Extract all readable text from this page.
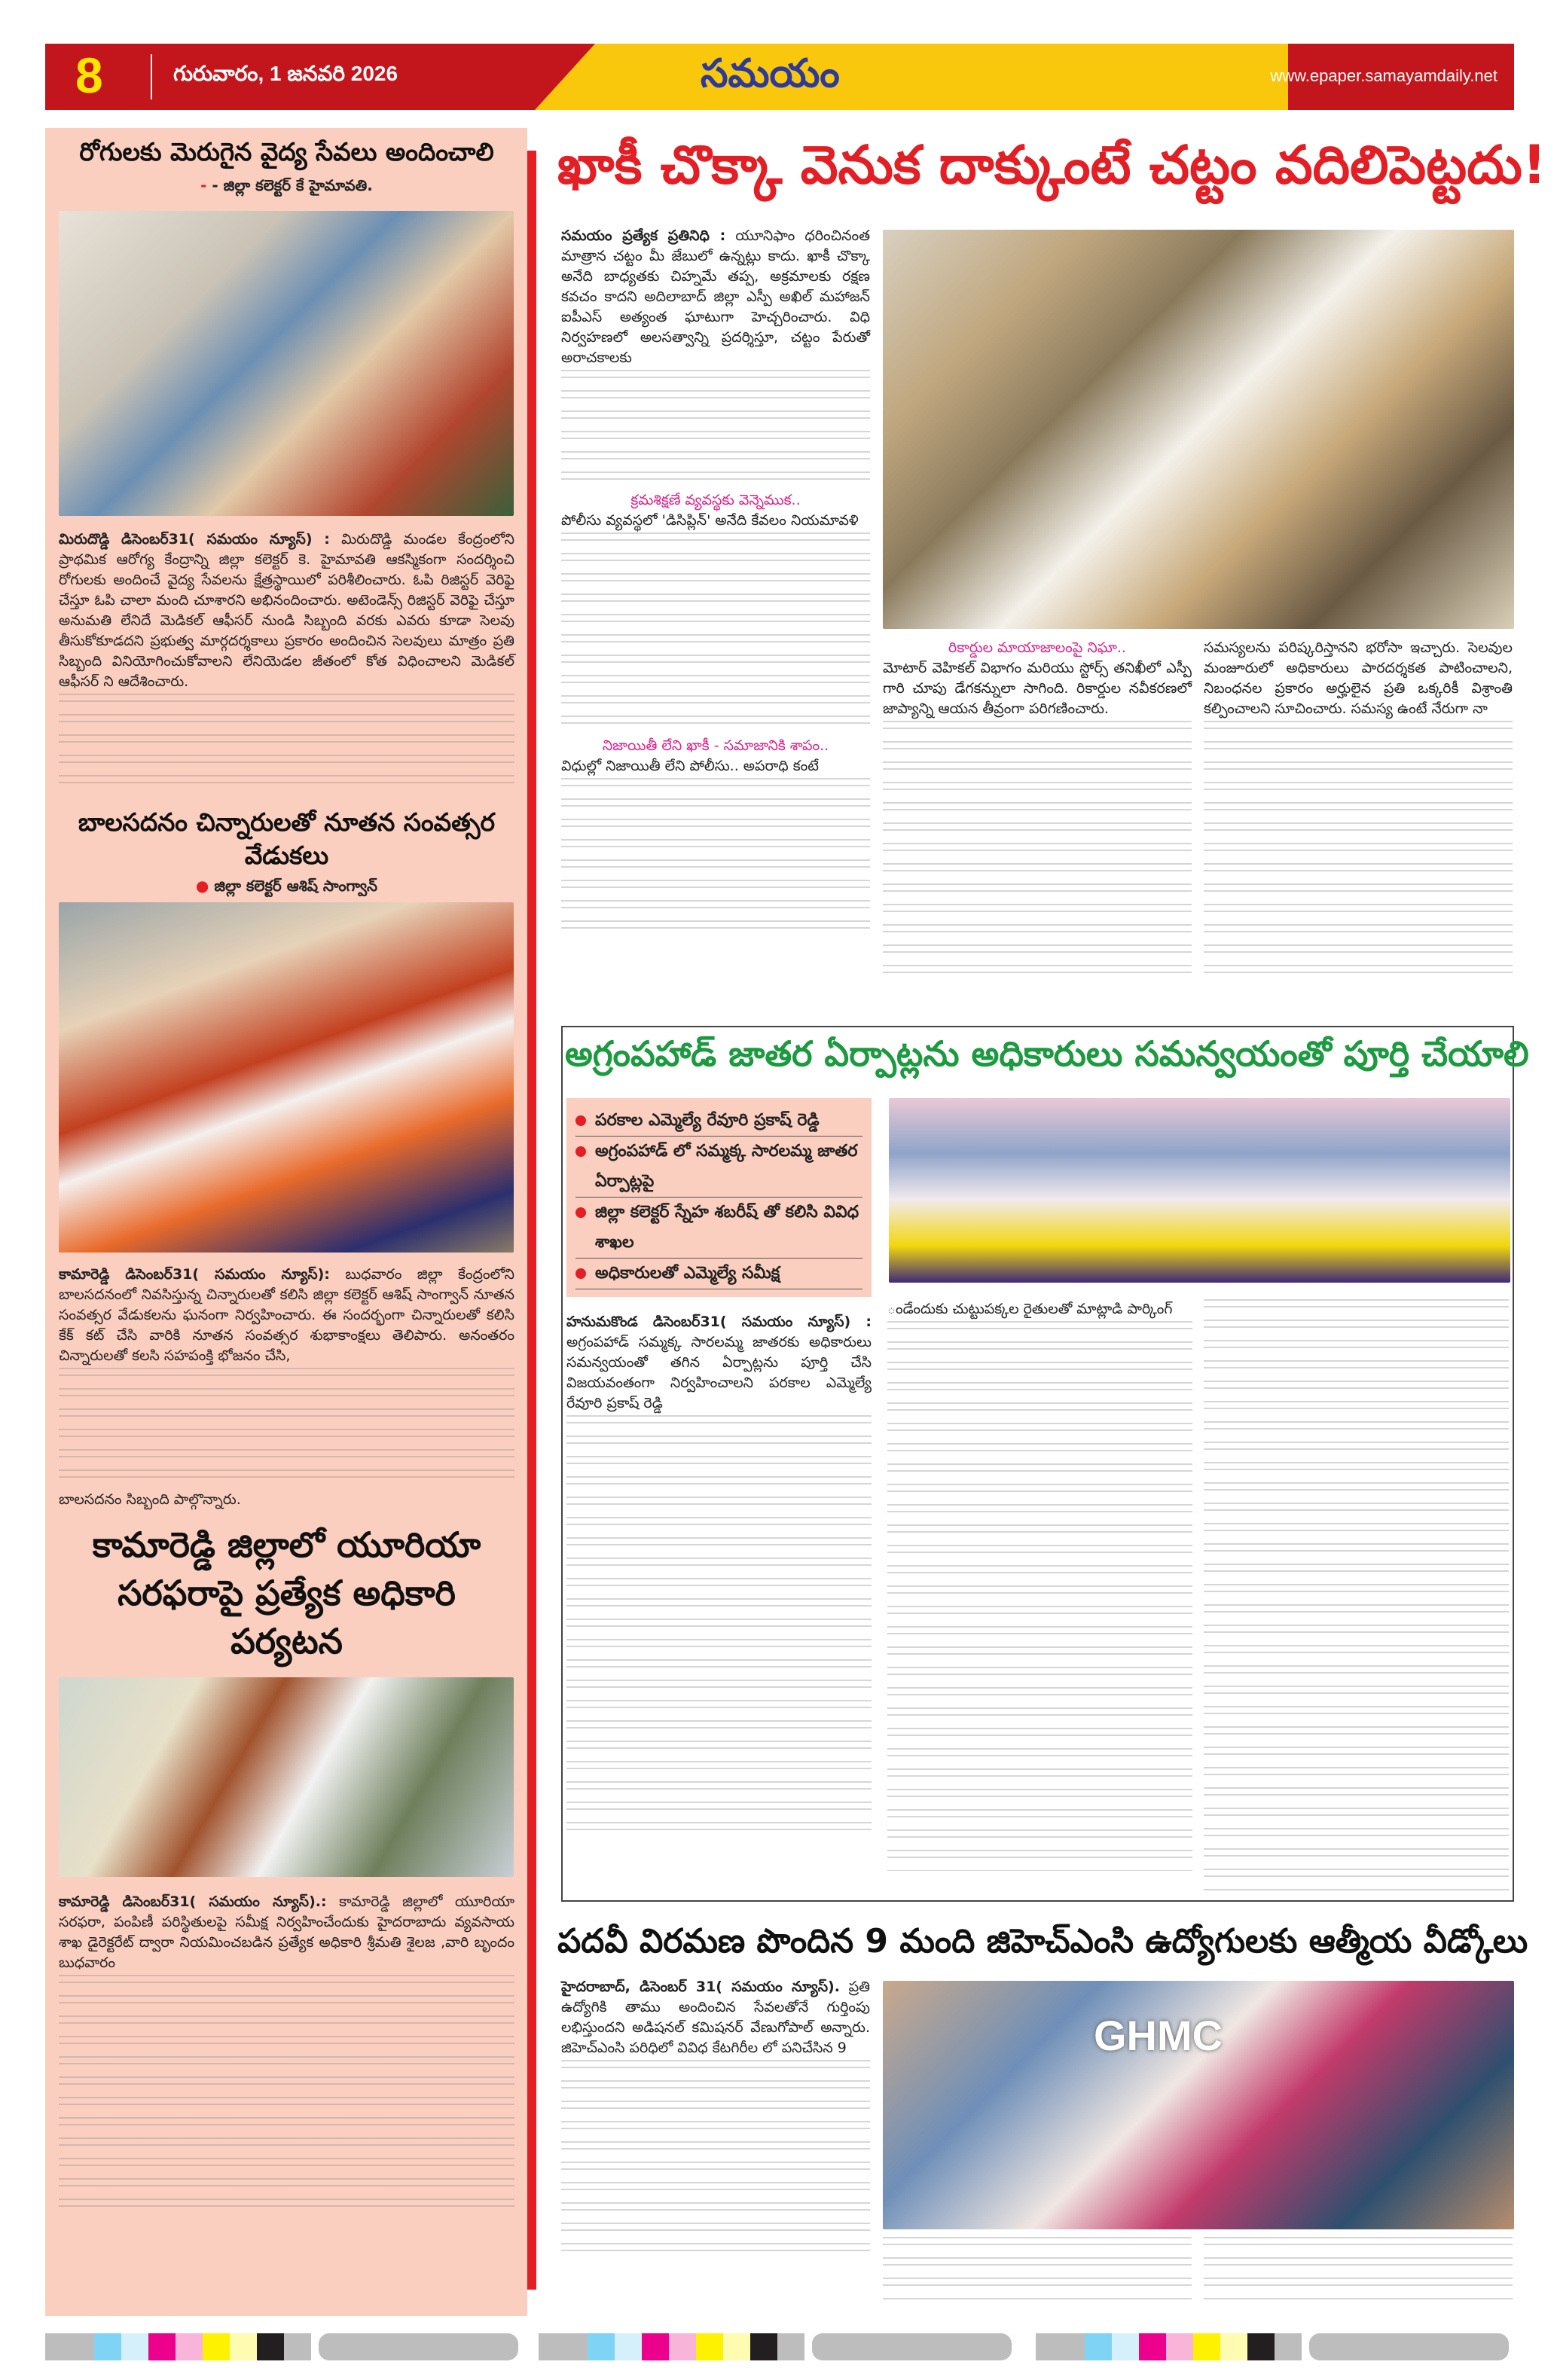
8	గురువారం, 1 జనవరి 2026	సమయం	www.epaper.samayamdaily.net
రోగులకు మెరుగైన వైద్య సేవలు అందించాలి
- - జిల్లా కలెక్టర్ కే హైమావతి.
మిరుదొడ్డి డిసెంబర్31( సమయం న్యూస్) : మిరుదొడ్డి మండల కేంద్రంలోని ప్రాథమిక ఆరోగ్య కేంద్రాన్ని జిల్లా కలెక్టర్ కె. హైమావతి ఆకస్మికంగా సందర్శించి రోగులకు అందించే వైద్య సేవలను క్షేత్రస్థాయిలో పరిశీలించారు. ఓపి రిజిస్టర్ వెరిఫై చేస్తూ ఓపి చాలా మంది చూశారని అభినందించారు. అటెండెన్స్ రిజిస్టర్ వెరిఫై చేస్తూ అనుమతి లేనిదే మెడికల్ ఆఫీసర్ నుండి సిబ్బంది వరకు ఎవరు కూడా సెలవు తీసుకోకూడదని ప్రభుత్వ మార్గదర్శకాలు ప్రకారం అందించిన సెలవులు మాత్రం ప్రతి సిబ్బంది వినియోగించుకోవాలని లేనియెడల జీతంలో కోత విధించాలని మెడికల్ ఆఫీసర్ ని ఆదేశించారు.
బాలసదనం చిన్నారులతో నూతన సంవత్సర వేడుకలు
● జిల్లా కలెక్టర్ ఆశిష్ సాంగ్వాన్
కామారెడ్డి డిసెంబర్31( సమయం న్యూస్): బుధవారం జిల్లా కేంద్రంలోని బాలసదనంలో నివసిస్తున్న చిన్నారులతో కలిసి జిల్లా కలెక్టర్ ఆశిష్ సాంగ్వాన్ నూతన సంవత్సర వేడుకలను ఘనంగా నిర్వహించారు. ఈ సందర్భంగా చిన్నారులతో కలిసి కేక్ కట్ చేసి వారికి నూతన సంవత్సర శుభాకాంక్షలు తెలిపారు. అనంతరం చిన్నారులతో కలసి సహపంక్తి భోజనం చేసి,
బాలసదనం సిబ్బంది పాల్గొన్నారు.
కామారెడ్డి జిల్లాలో యూరియా సరఫరాపై ప్రత్యేక అధికారి పర్యటన
కామారెడ్డి డిసెంబర్31( సమయం న్యూస్).: కామారెడ్డి జిల్లాలో యూరియా సరఫరా, పంపిణీ పరిస్థితులపై సమీక్ష నిర్వహించేందుకు హైదరాబాదు వ్యవసాయ శాఖ డైరెక్టరేట్ ద్వారా నియమించబడిన ప్రత్యేక అధికారి శ్రీమతి శైలజ ,వారి బృందం బుధవారం
ఖాకీ చొక్కా వెనుక దాక్కుంటే చట్టం వదిలిపెట్టదు!
సమయం ప్రత్యేక ప్రతినిధి : యూనిఫాం ధరించినంత మాత్రాన చట్టం మీ జేబులో ఉన్నట్లు కాదు. ఖాకీ చొక్కా అనేది బాధ్యతకు చిహ్నమే తప్ప, అక్రమాలకు రక్షణ కవచం కాదని అదిలాబాద్ జిల్లా ఎస్పీ అఖిల్ మహాజన్ ఐపీఎస్ అత్యంత ఘాటుగా హెచ్చరించారు. విధి నిర్వహణలో అలసత్వాన్ని ప్రదర్శిస్తూ, చట్టం పేరుతో అరాచకాలకు
క్రమశిక్షణే వ్యవస్థకు వెన్నెముక..
పోలీసు వ్యవస్థలో 'డిసిప్లిన్' అనేది కేవలం నియమావళి
నిజాయితీ లేని ఖాకీ - సమాజానికి శాపం..
విధుల్లో నిజాయితీ లేని పోలీసు.. అపరాధి కంటే
రికార్డుల మాయాజాలంపై నిఘా..
మోటార్ వెహికల్ విభాగం మరియు స్టోర్స్ తనిఖీలో ఎస్పీ గారి చూపు డేగకన్నులా సాగింది. రికార్డుల నవీకరణలో జాప్యాన్ని ఆయన తీవ్రంగా పరిగణించారు.
సమస్యలను పరిష్కరిస్తానని భరోసా ఇచ్చారు. సెలవుల మంజూరులో అధికారులు పారదర్శకత పాటించాలని, నిబంధనల ప్రకారం అర్హులైన ప్రతి ఒక్కరికీ విశ్రాంతి కల్పించాలని సూచించారు. సమస్య ఉంటే నేరుగా నా
అగ్రంపహాడ్ జాతర ఏర్పాట్లను అధికారులు సమన్వయంతో పూర్తి చేయాలి
పరకాల ఎమ్మెల్యే రేవూరి ప్రకాష్ రెడ్డి
అగ్రంపహాడ్ లో సమ్మక్క సారలమ్మ జాతర ఏర్పాట్లపై
జిల్లా కలెక్టర్ స్నేహ శబరీష్ తో కలిసి వివిధ శాఖల
అధికారులతో ఎమ్మెల్యే సమీక్ష
హనుమకొండ డిసెంబర్31( సమయం న్యూస్) : అగ్రంపహాడ్ సమ్మక్క సారలమ్మ జాతరకు అధికారులు సమన్వయంతో తగిన ఏర్పాట్లను పూర్తి చేసి విజయవంతంగా నిర్వహించాలని పరకాల ఎమ్మెల్యే రేవూరి ప్రకాష్ రెడ్డి
ండేందుకు చుట్టుపక్కల రైతులతో మాట్లాడి పార్కింగ్
పదవీ విరమణ పొందిన 9 మంది జిహెచ్ఎంసి ఉద్యోగులకు ఆత్మీయ వీడ్కోలు
హైదరాబాద్, డిసెంబర్ 31( సమయం న్యూస్). ప్రతి ఉద్యోగికి తాము అందించిన సేవలతోనే గుర్తింపు లభిస్తుందని అడిషనల్ కమిషనర్ వేణుగోపాల్ అన్నారు. జిహెచ్ఎంసి పరిధిలో వివిధ కేటగిరీల లో పనిచేసిన 9	GHMC
